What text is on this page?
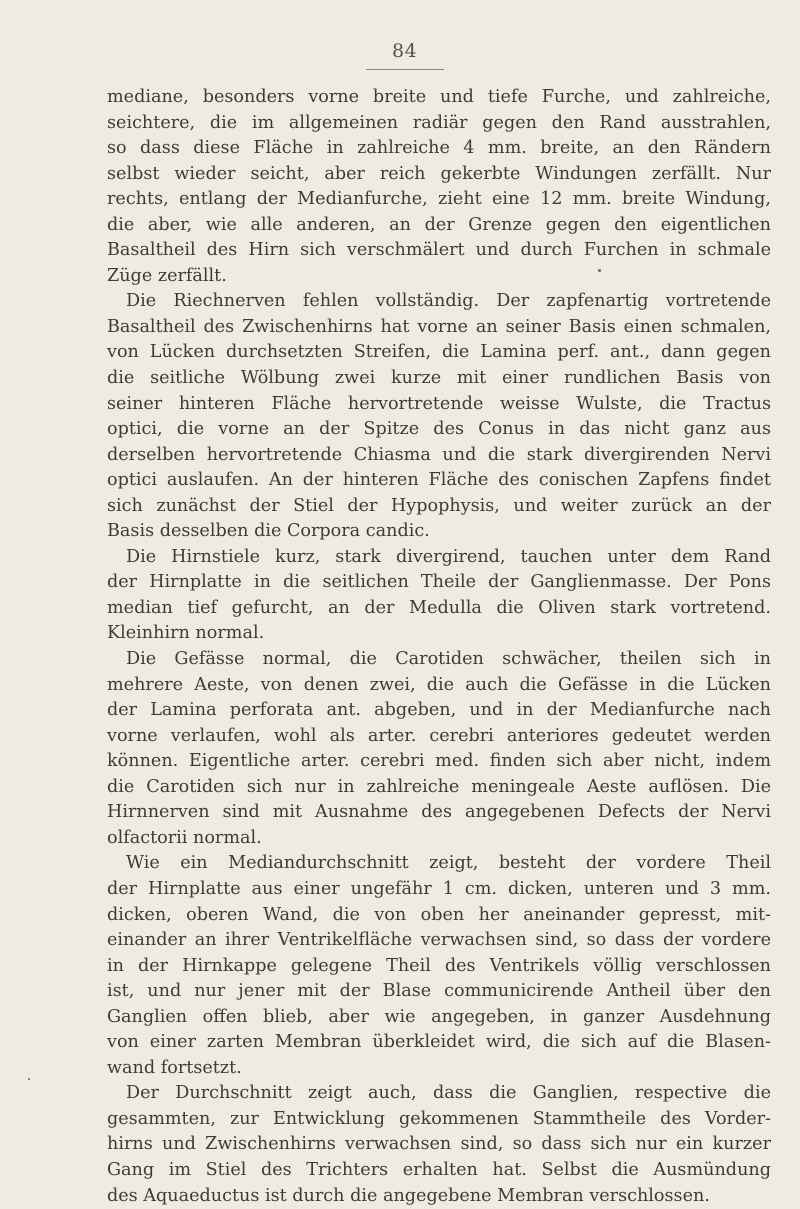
84
mediane, besonders vorne breite und tiefe Furche, und zahlreiche,
seichtere, die im allgemeinen radiär gegen den Rand ausstrahlen,
so dass diese Fläche in zahlreiche 4 mm. breite, an den Rändern
selbst wieder seicht, aber reich gekerbte Windungen zerfällt. Nur
rechts, entlang der Medianfurche, zieht eine 12 mm. breite Windung,
die aber, wie alle anderen, an der Grenze gegen den eigentlichen
Basaltheil des Hirn sich verschmälert und durch Furchen in schmale
Züge zerfällt.
Die Riechnerven fehlen vollständig. Der zapfenartig vortretende
Basaltheil des Zwischenhirns hat vorne an seiner Basis einen schmalen,
von Lücken durchsetzten Streifen, die Lamina perf. ant., dann gegen
die seitliche Wölbung zwei kurze mit einer rundlichen Basis von
seiner hinteren Fläche hervortretende weisse Wulste, die Tractus
optici, die vorne an der Spitze des Conus in das nicht ganz aus
derselben hervortretende Chiasma und die stark divergirenden Nervi
optici auslaufen. An der hinteren Fläche des conischen Zapfens findet
sich zunächst der Stiel der Hypophysis, und weiter zurück an der
Basis desselben die Corpora candic.
Die Hirnstiele kurz, stark divergirend, tauchen unter dem Rand
der Hirnplatte in die seitlichen Theile der Ganglienmasse. Der Pons
median tief gefurcht, an der Medulla die Oliven stark vortretend.
Kleinhirn normal.
Die Gefässe normal, die Carotiden schwächer, theilen sich in
mehrere Aeste, von denen zwei, die auch die Gefässe in die Lücken
der Lamina perforata ant. abgeben, und in der Medianfurche nach
vorne verlaufen, wohl als arter. cerebri anteriores gedeutet werden
können. Eigentliche arter. cerebri med. finden sich aber nicht, indem
die Carotiden sich nur in zahlreiche meningeale Aeste auflösen. Die
Hirnnerven sind mit Ausnahme des angegebenen Defects der Nervi
olfactorii normal.
Wie ein Mediandurchschnitt zeigt, besteht der vordere Theil
der Hirnplatte aus einer ungefähr 1 cm. dicken, unteren und 3 mm.
dicken, oberen Wand, die von oben her aneinander gepresst, mit-
einander an ihrer Ventrikelfläche verwachsen sind, so dass der vordere
in der Hirnkappe gelegene Theil des Ventrikels völlig verschlossen
ist, und nur jener mit der Blase communicirende Antheil über den
Ganglien offen blieb, aber wie angegeben, in ganzer Ausdehnung
von einer zarten Membran überkleidet wird, die sich auf die Blasen-
wand fortsetzt.
Der Durchschnitt zeigt auch, dass die Ganglien, respective die
gesammten, zur Entwicklung gekommenen Stammtheile des Vorder-
hirns und Zwischenhirns verwachsen sind, so dass sich nur ein kurzer
Gang im Stiel des Trichters erhalten hat. Selbst die Ausmündung
des Aquaeductus ist durch die angegebene Membran verschlossen.
